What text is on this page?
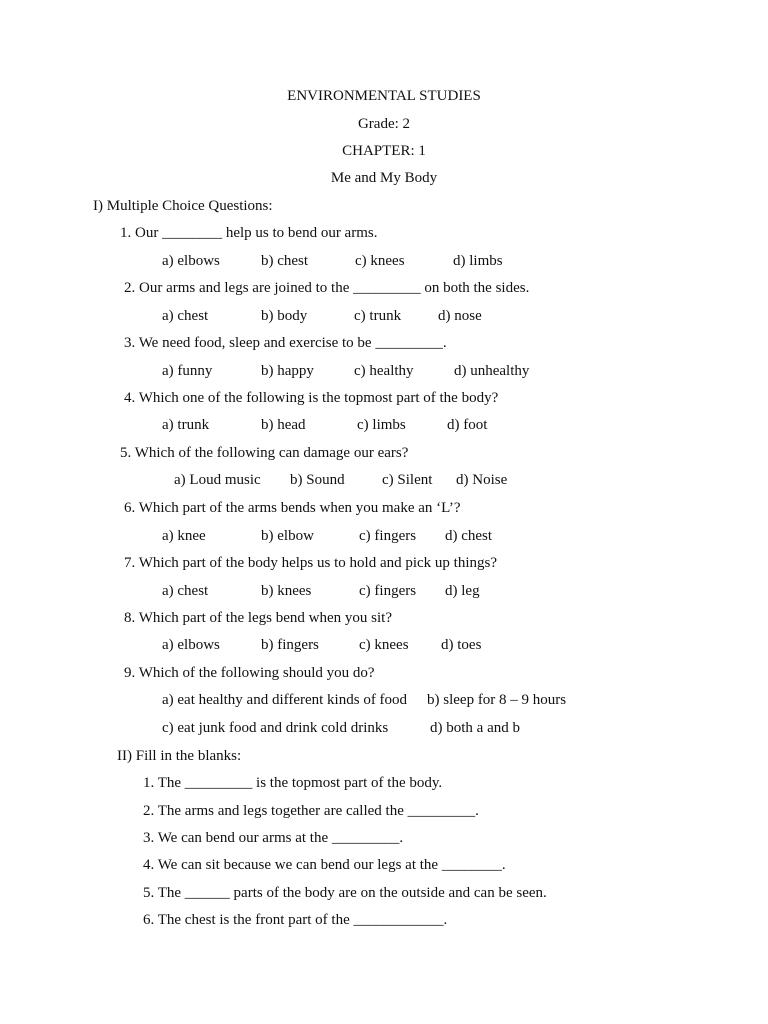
ENVIRONMENTAL STUDIES
Grade: 2
CHAPTER: 1
Me and My Body
I) Multiple Choice Questions:
1. Our ________ help us to bend our arms.
a) elbows	b) chest	c) knees	d) limbs
2. Our arms and legs are joined to the _________ on both the sides.
a) chest	b) body	c) trunk d) nose
3. We need food, sleep and exercise to be _________.
a) funny	b) happy	c) healthy	d) unhealthy
4. Which one of the following is the topmost part of the body?
a) trunk	b) head	c) limbs	d) foot
5. Which of the following can damage our ears?
a) Loud music b) Sound c) Silent d) Noise
6. Which part of the arms bends when you make an ‘L’?
a) knee	b) elbow	c) fingers d) chest
7. Which part of the body helps us to hold and pick up things?
a) chest	b) knees	c) fingers d) leg
8. Which part of the legs bend when you sit?
a) elbows	b) fingers	c) knees d) toes
9. Which of the following should you do?
a) eat healthy and different kinds of food b) sleep for 8 – 9 hours
c) eat junk food and drink cold drinks	d) both a and b
II) Fill in the blanks:
1. The _________ is the topmost part of the body.
2. The arms and legs together are called the _________.
3. We can bend our arms at the _________.
4. We can sit because we can bend our legs at the ________.
5. The ______ parts of the body are on the outside and can be seen.
6. The chest is the front part of the ____________.
